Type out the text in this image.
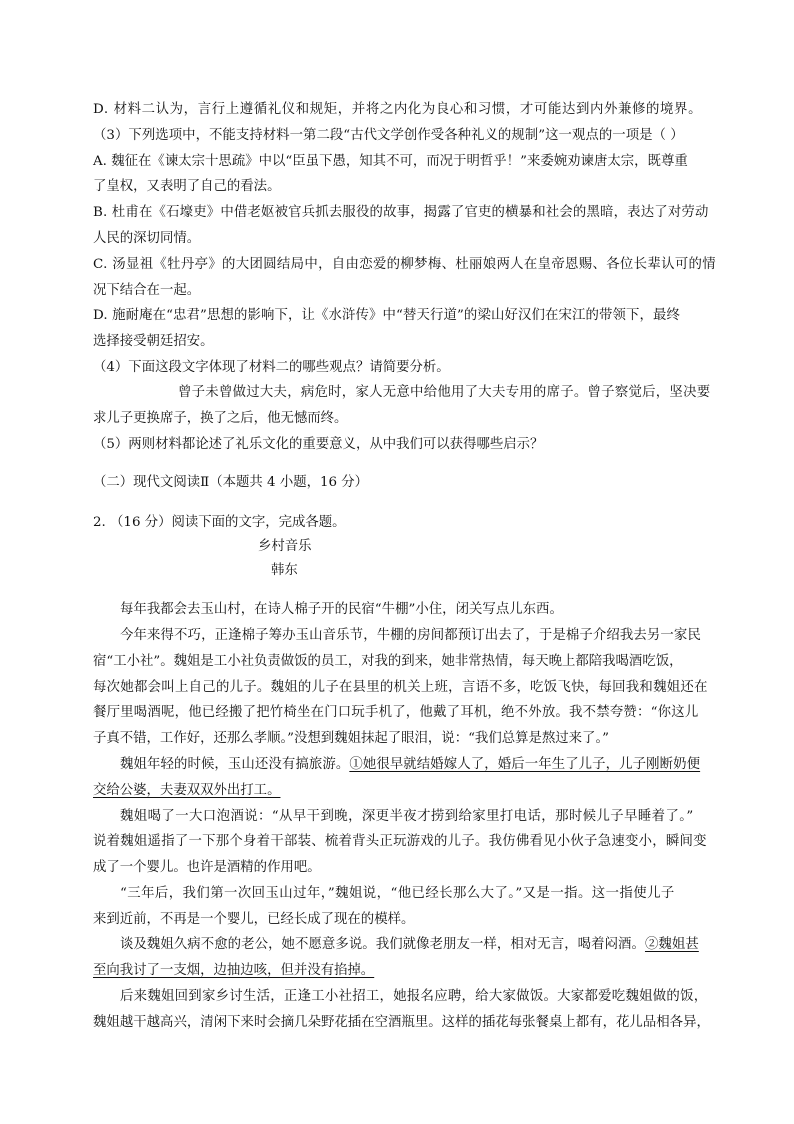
D. 材料二认为，言行上遵循礼仪和规矩，并将之内化为良心和习惯，才可能达到内外兼修的境界。

（3）下列选项中，不能支持材料一第二段“古代文学创作受各种礼义的规制”这一观点的一项是（ ）

A. 魏征在《谏太宗十思疏》中以“臣虽下愚，知其不可，而况于明哲乎！”来委婉劝谏唐太宗，既尊重

了皇权，又表明了自己的看法。

B. 杜甫在《石壕吏》中借老妪被官兵抓去服役的故事，揭露了官吏的横暴和社会的黑暗，表达了对劳动

人民的深切同情。

C. 汤显祖《牡丹亭》的大团圆结局中，自由恋爱的柳梦梅、杜丽娘两人在皇帝恩赐、各位长辈认可的情

况下结合在一起。

D. 施耐庵在“忠君”思想的影响下，让《水浒传》中“替天行道”的梁山好汉们在宋江的带领下，最终

选择接受朝廷招安。

（4）下面这段文字体现了材料二的哪些观点？请简要分析。

曾子未曾做过大夫，病危时，家人无意中给他用了大夫专用的席子。曾子察觉后，坚决要

求儿子更换席子，换了之后，他无憾而终。

（5）两则材料都论述了礼乐文化的重要意义，从中我们可以获得哪些启示？

（二）现代文阅读Ⅱ（本题共 4 小题，16 分）

2. （16 分）阅读下面的文字，完成各题。

乡村音乐

韩东

每年我都会去玉山村，在诗人棉子开的民宿“牛棚”小住，闭关写点儿东西。

今年来得不巧，正逢棉子筹办玉山音乐节，牛棚的房间都预订出去了，于是棉子介绍我去另一家民

宿“工小社”。魏姐是工小社负责做饭的员工，对我的到来，她非常热情，每天晚上都陪我喝酒吃饭，

每次她都会叫上自己的儿子。魏姐的儿子在县里的机关上班，言语不多，吃饭飞快，每回我和魏姐还在

餐厅里喝酒呢，他已经搬了把竹椅坐在门口玩手机了，他戴了耳机，绝不外放。我不禁夸赞：“你这儿

子真不错，工作好，还那么孝顺。”没想到魏姐抹起了眼泪，说：“我们总算是熬过来了。”

魏姐年轻的时候，玉山还没有搞旅游。①她很早就结婚嫁人了，婚后一年生了儿子，儿子刚断奶便

交给公婆，夫妻双双外出打工。

魏姐喝了一大口泡酒说：“从早干到晚，深更半夜才捞到给家里打电话，那时候儿子早睡着了。”

说着魏姐遥指了一下那个身着干部装、梳着背头正玩游戏的儿子。我仿佛看见小伙子急速变小，瞬间变

成了一个婴儿。也许是酒精的作用吧。

“三年后，我们第一次回玉山过年，”魏姐说，“他已经长那么大了。”又是一指。这一指使儿子

来到近前，不再是一个婴儿，已经长成了现在的模样。

谈及魏姐久病不愈的老公，她不愿意多说。我们就像老朋友一样，相对无言，喝着闷酒。②魏姐甚

至向我讨了一支烟，边抽边咳，但并没有掐掉。

后来魏姐回到家乡讨生活，正逢工小社招工，她报名应聘，给大家做饭。大家都爱吃魏姐做的饭，

魏姐越干越高兴，清闲下来时会摘几朵野花插在空酒瓶里。这样的插花每张餐桌上都有，花儿品相各异，
